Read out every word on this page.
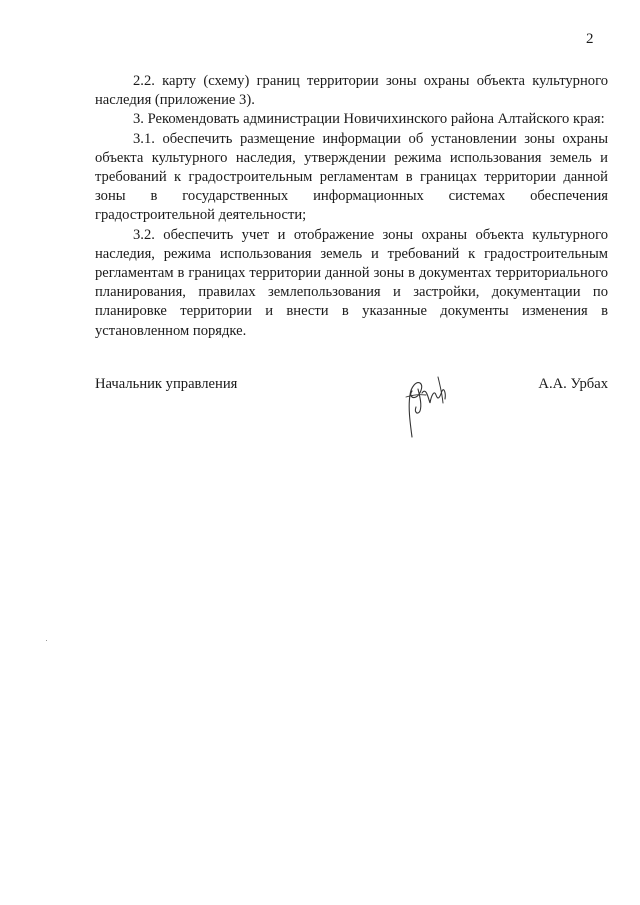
2

2.2. карту (схему) границ территории зоны охраны объекта культурного наследия (приложение 3).

3. Рекомендовать администрации Новичихинского района Алтайского края:

3.1. обеспечить размещение информации об установлении зоны охраны объекта культурного наследия, утверждении режима использования земель и требований к градостроительным регламентам в границах территории данной зоны в государственных информационных системах обеспечения градостроительной деятельности;

3.2. обеспечить учет и отображение зоны охраны объекта культурного наследия, режима использования земель и требований к градостроительным регламентам в границах территории данной зоны в документах территориального планирования, правилах землепользования и застройки, документации по планировке территории и внести в указанные документы изменения в установленном порядке.

Начальник управления	А.А. Урбах
